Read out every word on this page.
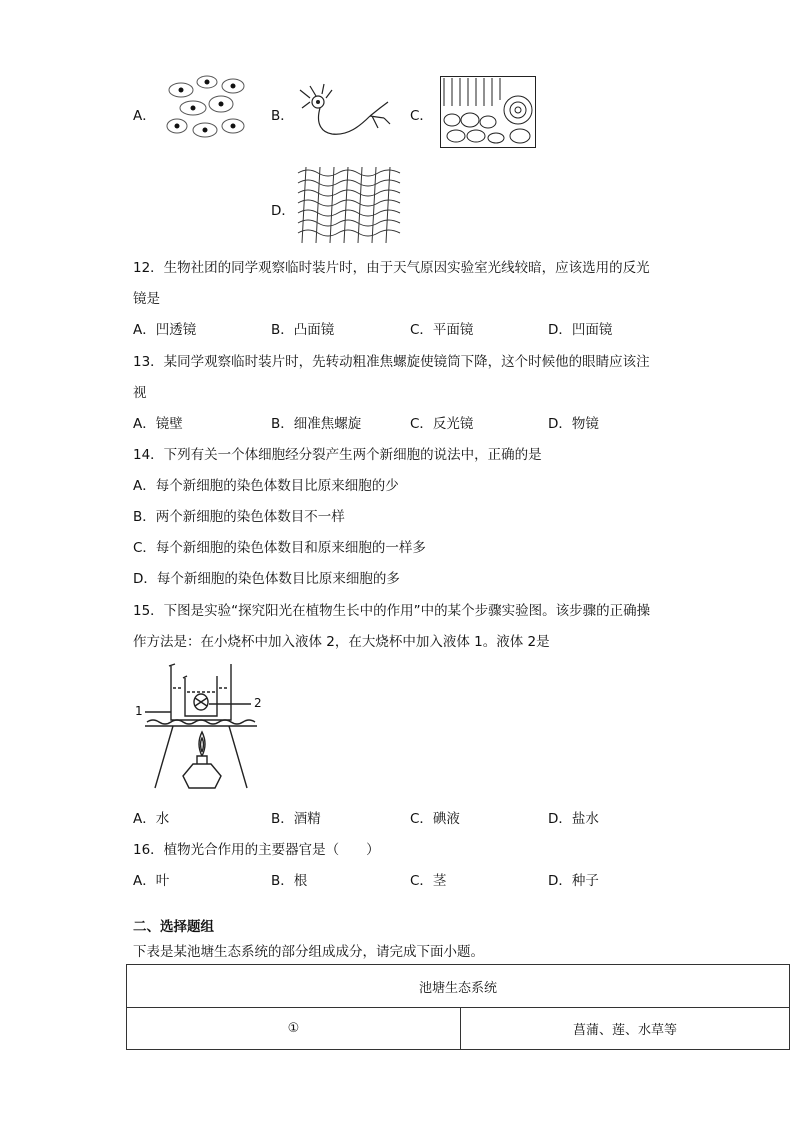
A．	B．	C．
D．
12．生物社团的同学观察临时装片时，由于天气原因实验室光线较暗，应该选用的反光
镜是
A．凹透镜	B．凸面镜	C．平面镜	D．凹面镜
13．某同学观察临时装片时，先转动粗准焦螺旋使镜筒下降，这个时候他的眼睛应该注
视
A．镜壁	B．细准焦螺旋	C．反光镜	D．物镜
14．下列有关一个体细胞经分裂产生两个新细胞的说法中，正确的是
A．每个新细胞的染色体数目比原来细胞的少
B．两个新细胞的染色体数目不一样
C．每个新细胞的染色体数目和原来细胞的一样多
D．每个新细胞的染色体数目比原来细胞的多
15．下图是实验“探究阳光在植物生长中的作用”中的某个步骤实验图。该步骤的正确操
作方法是：在小烧杯中加入液体 2，在大烧杯中加入液体 1。液体 2是
1
2
A．水	B．酒精	C．碘液	D．盐水
16．植物光合作用的主要器官是（　　）
A．叶	B．根	C．茎	D．种子
二、选择题组
下表是某池塘生态系统的部分组成成分，请完成下面小题。
池塘生态系统
①	菖蒲、莲、水草等
